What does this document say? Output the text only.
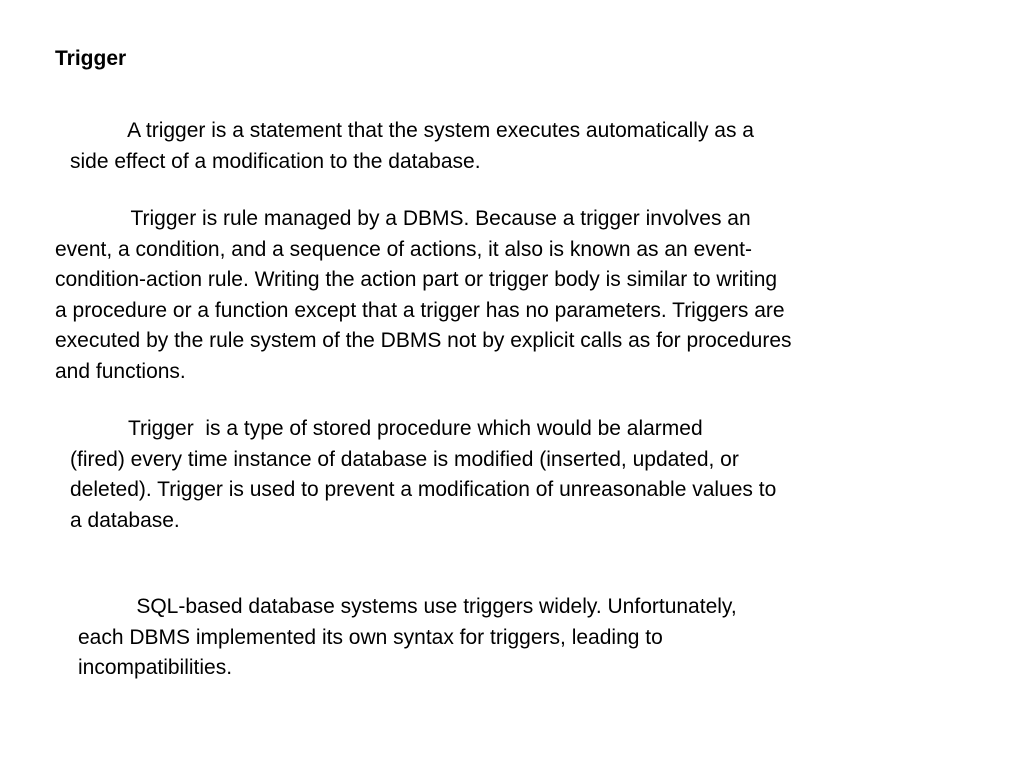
Trigger

A trigger is a statement that the system executes automatically as a
side effect of a modification to the database.

Trigger is rule managed by a DBMS. Because a trigger involves an
event, a condition, and a sequence of actions, it also is known as an event-
condition-action rule. Writing the action part or trigger body is similar to writing
a procedure or a function except that a trigger has no parameters. Triggers are
executed by the rule system of the DBMS not by explicit calls as for procedures
and functions.

Trigger  is a type of stored procedure which would be alarmed
(fired) every time instance of database is modified (inserted, updated, or
deleted). Trigger is used to prevent a modification of unreasonable values to
a database.

SQL-based database systems use triggers widely. Unfortunately,
each DBMS implemented its own syntax for triggers, leading to
incompatibilities.
